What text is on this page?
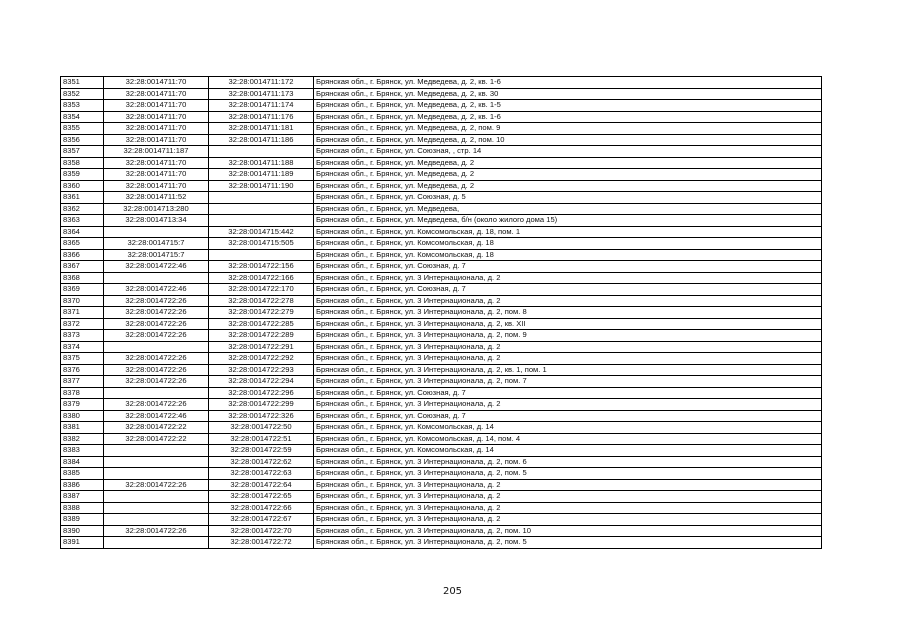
8351	32:28:0014711:70	32:28:0014711:172	Брянская обл., г. Брянск, ул. Медведева, д. 2, кв. 1-6
8352	32:28:0014711:70	32:28:0014711:173	Брянская обл., г. Брянск, ул. Медведева, д. 2, кв. 30
8353	32:28:0014711:70	32:28:0014711:174	Брянская обл., г. Брянск, ул. Медведева, д. 2, кв. 1-5
8354	32:28:0014711:70	32:28:0014711:176	Брянская обл., г. Брянск, ул. Медведева, д. 2, кв. 1-6
8355	32:28:0014711:70	32:28:0014711:181	Брянская обл., г. Брянск, ул. Медведева, д. 2, пом. 9
8356	32:28:0014711:70	32:28:0014711:186	Брянская обл., г. Брянск, ул. Медведева, д. 2, пом. 10
8357	32:28:0014711:187		Брянская обл., г. Брянск, ул. Союзная, , стр. 14
8358	32:28:0014711:70	32:28:0014711:188	Брянская обл., г. Брянск, ул. Медведева, д. 2
8359	32:28:0014711:70	32:28:0014711:189	Брянская обл., г. Брянск, ул. Медведева, д. 2
8360	32:28:0014711:70	32:28:0014711:190	Брянская обл., г. Брянск, ул. Медведева, д. 2
8361	32:28:0014711:52		Брянская обл., г. Брянск, ул. Союзная, д. 5
8362	32:28:0014713:280		Брянская обл., г. Брянск, ул. Медведева,
8363	32:28:0014713:34		Брянская обл., г. Брянск, ул. Медведева, б/н (около жилого дома 15)
8364		32:28:0014715:442	Брянская обл., г. Брянск, ул. Комсомольская, д. 18, пом. 1
8365	32:28:0014715:7	32:28:0014715:505	Брянская обл., г. Брянск, ул. Комсомольская, д. 18
8366	32:28:0014715:7		Брянская обл., г. Брянск, ул. Комсомольская, д. 18
8367	32:28:0014722:46	32:28:0014722:156	Брянская обл., г. Брянск, ул. Союзная, д. 7
8368		32:28:0014722:166	Брянская обл., г. Брянск, ул. 3 Интернационала, д. 2
8369	32:28:0014722:46	32:28:0014722:170	Брянская обл., г. Брянск, ул. Союзная, д. 7
8370	32:28:0014722:26	32:28:0014722:278	Брянская обл., г. Брянск, ул. 3 Интернационала, д. 2
8371	32:28:0014722:26	32:28:0014722:279	Брянская обл., г. Брянск, ул. 3 Интернационала, д. 2, пом. 8
8372	32:28:0014722:26	32:28:0014722:285	Брянская обл., г. Брянск, ул. 3 Интернационала, д. 2, кв. XII
8373	32:28:0014722:26	32:28:0014722:289	Брянская обл., г. Брянск, ул. 3 Интернационала, д. 2, пом. 9
8374		32:28:0014722:291	Брянская обл., г. Брянск, ул. 3 Интернационала, д. 2
8375	32:28:0014722:26	32:28:0014722:292	Брянская обл., г. Брянск, ул. 3 Интернационала, д. 2
8376	32:28:0014722:26	32:28:0014722:293	Брянская обл., г. Брянск, ул. 3 Интернационала, д. 2, кв. 1, пом. 1
8377	32:28:0014722:26	32:28:0014722:294	Брянская обл., г. Брянск, ул. 3 Интернационала, д. 2, пом. 7
8378		32:28:0014722:296	Брянская обл., г. Брянск, ул. Союзная, д. 7
8379	32:28:0014722:26	32:28:0014722:299	Брянская обл., г. Брянск, ул. 3 Интернационала, д. 2
8380	32:28:0014722:46	32:28:0014722:326	Брянская обл., г. Брянск, ул. Союзная, д. 7
8381	32:28:0014722:22	32:28:0014722:50	Брянская обл., г. Брянск, ул. Комсомольская, д. 14
8382	32:28:0014722:22	32:28:0014722:51	Брянская обл., г. Брянск, ул. Комсомольская, д. 14, пом. 4
8383		32:28:0014722:59	Брянская обл., г. Брянск, ул. Комсомольская, д. 14
8384		32:28:0014722:62	Брянская обл., г. Брянск, ул. 3 Интернационала, д. 2, пом. 6
8385		32:28:0014722:63	Брянская обл., г. Брянск, ул. 3 Интернационала, д. 2, пом. 5
8386	32:28:0014722:26	32:28:0014722:64	Брянская обл., г. Брянск, ул. 3 Интернационала, д. 2
8387		32:28:0014722:65	Брянская обл., г. Брянск, ул. 3 Интернационала, д. 2
8388		32:28:0014722:66	Брянская обл., г. Брянск, ул. 3 Интернационала, д. 2
8389		32:28:0014722:67	Брянская обл., г. Брянск, ул. 3 Интернационала, д. 2
8390	32:28:0014722:26	32:28:0014722:70	Брянская обл., г. Брянск, ул. 3 Интернационала, д. 2, пом. 10
8391		32:28:0014722:72	Брянская обл., г. Брянск, ул. 3 Интернационала, д. 2, пом. 5
205
